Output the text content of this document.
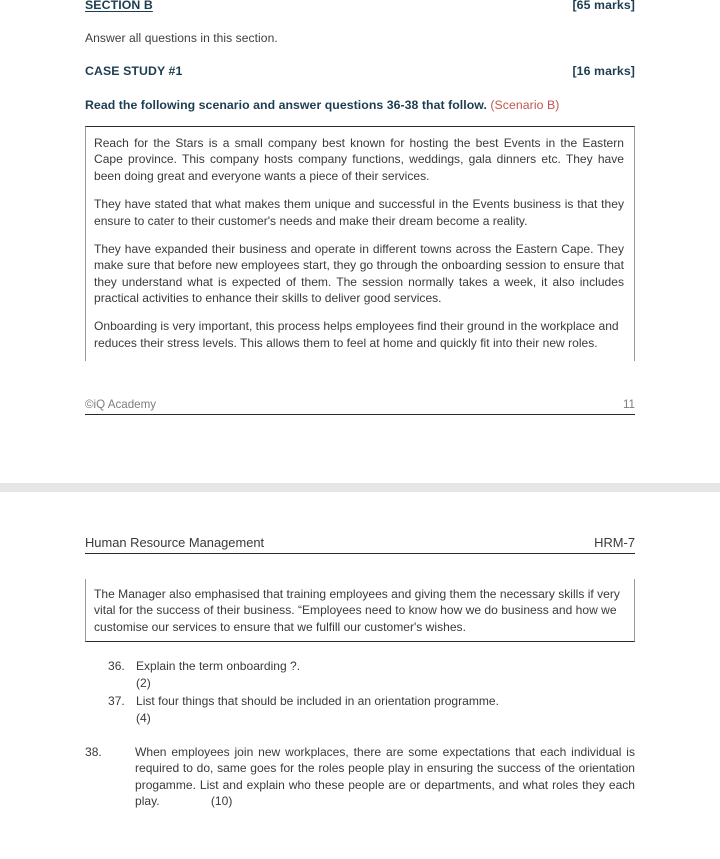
SECTION B	[65 marks]
Answer all questions in this section.
CASE STUDY #1	[16 marks]
Read the following scenario and answer questions 36-38 that follow. (Scenario B)

Reach for the Stars is a small company best known for hosting the best Events in the Eastern Cape province. This company hosts company functions, weddings, gala dinners etc. They have been doing great and everyone wants a piece of their services.

They have stated that what makes them unique and successful in the Events business is that they ensure to cater to their customer's needs and make their dream become a reality.

They have expanded their business and operate in different towns across the Eastern Cape. They make sure that before new employees start, they go through the onboarding session to ensure that they understand what is expected of them. The session normally takes a week, it also includes practical activities to enhance their skills to deliver good services.

Onboarding is very important, this process helps employees find their ground in the workplace and reduces their stress levels. This allows them to feel at home and quickly fit into their new roles.

©iQ Academy	11
Human Resource Management	HRM-7

The Manager also emphasised that training employees and giving them the necessary skills if very vital for the success of their business. “Employees need to know how we do business and how we customise our services to ensure that we fulfill our customer's wishes.

36. Explain the term onboarding ?.
(2)
37. List four things that should be included in an orientation programme.
(4)
38.	When employees join new workplaces, there are some expectations that each individual is required to do, same goes for the roles people play in ensuring the success of the orientation progamme. List and explain who these people are or departments, and what roles they each play.	(10)
